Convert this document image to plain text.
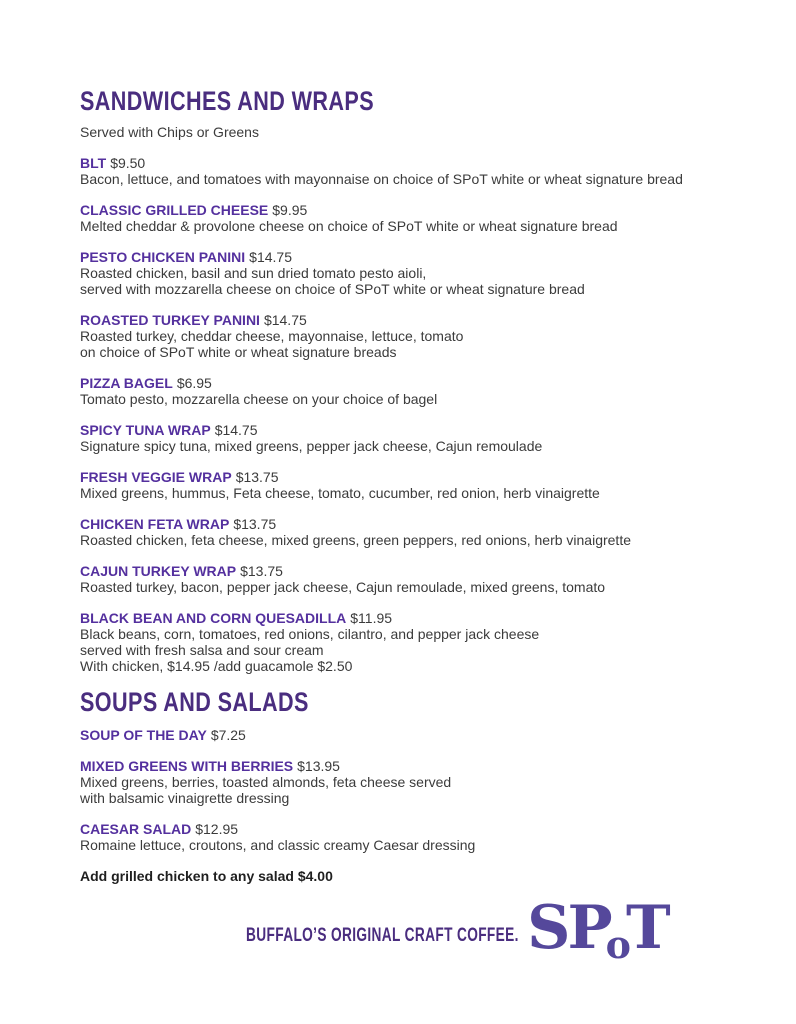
SANDWICHES AND WRAPS
Served with Chips or Greens
BLT $9.50
Bacon, lettuce, and tomatoes with mayonnaise on choice of SPoT white or wheat signature bread
CLASSIC GRILLED CHEESE $9.95
Melted cheddar & provolone cheese on choice of SPoT white or wheat signature bread
PESTO CHICKEN PANINI $14.75
Roasted chicken, basil and sun dried tomato pesto aioli,
served with mozzarella cheese on choice of SPoT white or wheat signature bread
ROASTED TURKEY PANINI $14.75
Roasted turkey, cheddar cheese, mayonnaise, lettuce, tomato
on choice of SPoT white or wheat signature breads
PIZZA BAGEL $6.95
Tomato pesto, mozzarella cheese on your choice of bagel
SPICY TUNA WRAP $14.75
Signature spicy tuna, mixed greens, pepper jack cheese, Cajun remoulade
FRESH VEGGIE WRAP $13.75
Mixed greens, hummus, Feta cheese, tomato, cucumber, red onion, herb vinaigrette
CHICKEN FETA WRAP $13.75
Roasted chicken, feta cheese, mixed greens, green peppers, red onions, herb vinaigrette
CAJUN TURKEY WRAP $13.75
Roasted turkey, bacon, pepper jack cheese, Cajun remoulade, mixed greens, tomato
BLACK BEAN AND CORN QUESADILLA $11.95
Black beans, corn, tomatoes, red onions, cilantro, and pepper jack cheese
served with fresh salsa and sour cream
With chicken, $14.95 /add guacamole $2.50
SOUPS AND SALADS
SOUP OF THE DAY $7.25
MIXED GREENS WITH BERRIES $13.95
Mixed greens, berries, toasted almonds, feta cheese served
with balsamic vinaigrette dressing
CAESAR SALAD $12.95
Romaine lettuce, croutons, and classic creamy Caesar dressing
Add grilled chicken to any salad $4.00
BUFFALO’S ORIGINAL CRAFT COFFEE. SPoT
